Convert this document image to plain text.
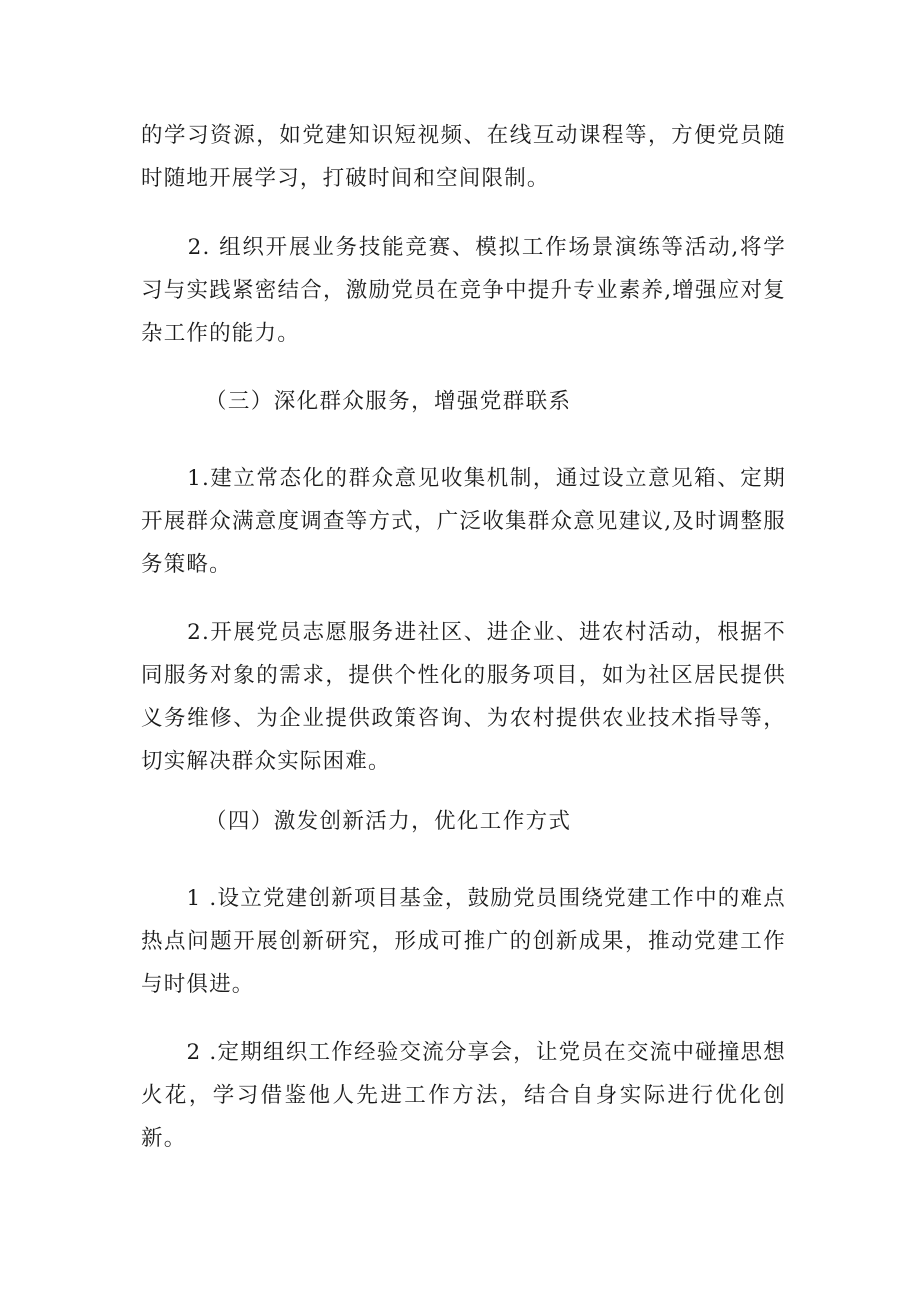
的学习资源，如党建知识短视频、在线互动课程等，方便党员随时随地开展学习，打破时间和空间限制。

　　2. 组织开展业务技能竞赛、模拟工作场景演练等活动,将学习与实践紧密结合，激励党员在竞争中提升专业素养,增强应对复杂工作的能力。

（三）深化群众服务，增强党群联系

　　1.建立常态化的群众意见收集机制，通过设立意见箱、定期开展群众满意度调查等方式，广泛收集群众意见建议,及时调整服务策略。

　　2.开展党员志愿服务进社区、进企业、进农村活动，根据不同服务对象的需求，提供个性化的服务项目，如为社区居民提供义务维修、为企业提供政策咨询、为农村提供农业技术指导等，切实解决群众实际困难。

（四）激发创新活力，优化工作方式

　　1 .设立党建创新项目基金，鼓励党员围绕党建工作中的难点热点问题开展创新研究，形成可推广的创新成果，推动党建工作与时俱进。

　　2 .定期组织工作经验交流分享会，让党员在交流中碰撞思想火花，学习借鉴他人先进工作方法，结合自身实际进行优化创新。
